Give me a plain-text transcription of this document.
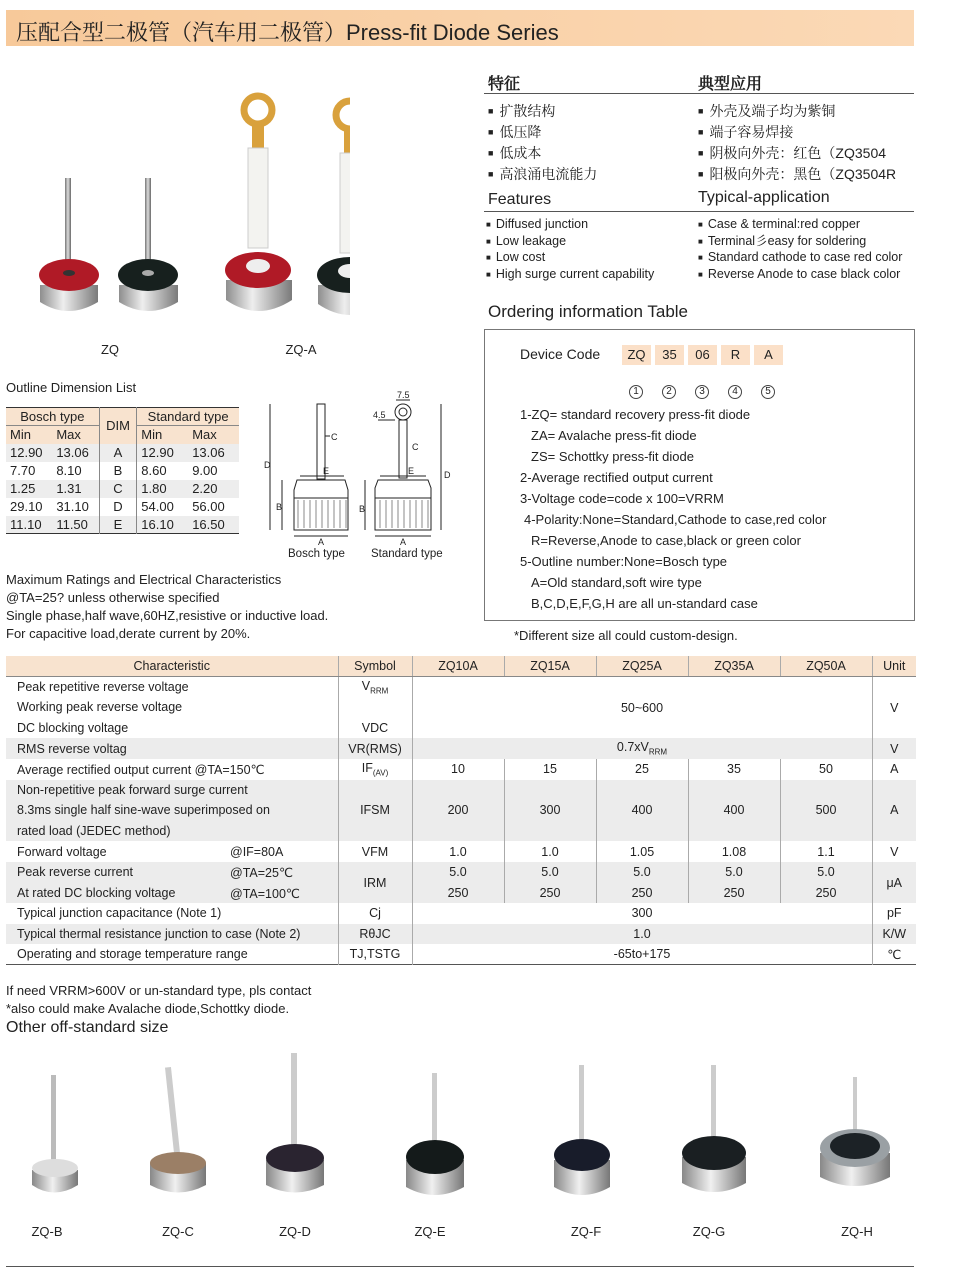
压配合型二极管（汽车用二极管）Press-fit Diode Series
ZQ	ZQ-A
特征	典型应用
■ 扩散结构
■ 低压降
■ 低成本
■ 高浪涌电流能力
■ 外壳及端子均为紫铜
■ 端子容易焊接
■ 阴极向外壳：红色（ZQ3504
■ 阳极向外壳：黑色（ZQ3504R
Features	Typical-application
■ Diffused junction
■ Low leakage
■ Low cost
■ High surge current capability
■ Case & terminal:red copper
■ Terminal彡easy for soldering
■ Standard cathode to case red color
■ Reverse Anode to case black color
Outline Dimension List
Bosch type		DIM	Standard type	
Min	Max		Min	Max
12.90	13.06	A	12.90	13.06
7.70	8.10	B	8.60	9.00
1.25	1.31	C	1.80	2.20
29.10	31.10	D	54.00	56.00
11.10	11.50	E	16.10	16.50
D
B
A
C
E
7.5
4.5
D
B
A
C
E
Bosch type Standard type
Maximum Ratings and Electrical Characteristics
@TA=25? unless otherwise specified
Single phase,half wave,60HZ,resistive or inductive load.
For capacitive load,derate current by 20%.
Ordering information Table
Device Code	ZQ 35 06 R A
1	2	3	4	5
1-ZQ= standard recovery press-fit diode
ZA= Avalache press-fit diode
ZS= Schottky press-fit diode
2-Average rectified output current
3-Voltage code=code x 100=VRRM
4-Polarity:None=Standard,Cathode to case,red color
R=Reverse,Anode to case,black or green color
5-Outline number:None=Bosch type
A=Old standard,soft wire type
B,C,D,E,F,G,H are all un-standard case
*Different size all could custom-design.
Characteristic	Symbol	ZQ10A	ZQ15A	ZQ25A	ZQ35A	ZQ50A	Unit
Peak repetitive reverse voltage	$V_{RRM}$	50~600					V
Working peak reverse voltage							
DC blocking voltage	VDC						
RMS reverse voltag	VR(RMS)	$0.7xV_{RRM}$					V
Average rectified output current @TA=150℃	$IF_{(AV)}$	10	15	25	35	50	A
Non-repetitive peak forward surge current	IFSM	200	300	400	400	500	A
8.3ms single half sine-wave superimposed on							
rated load (JEDEC method)							
Forward voltage @IF=80A	VFM	1.0	1.0	1.05	1.08	1.1	V
Peak reverse current @TA=25℃	IRM	5.0	5.0	5.0	5.0	5.0	μA
At rated DC blocking voltage @TA=100℃		250	250	250	250	250	
Typical junction capacitance (Note 1)	Cj	300					pF
Typical thermal resistance junction to case (Note 2)	RθJC	1.0					K/W
Operating and storage temperature range	TJ,TSTG	-65to+175					℃
If need VRRM>600V or un-standard type, pls contact
*also could make Avalache diode,Schottky diode.
Other off-standard size
ZQ-B	ZQ-C	ZQ-D	ZQ-E	ZQ-F	ZQ-G	ZQ-H
